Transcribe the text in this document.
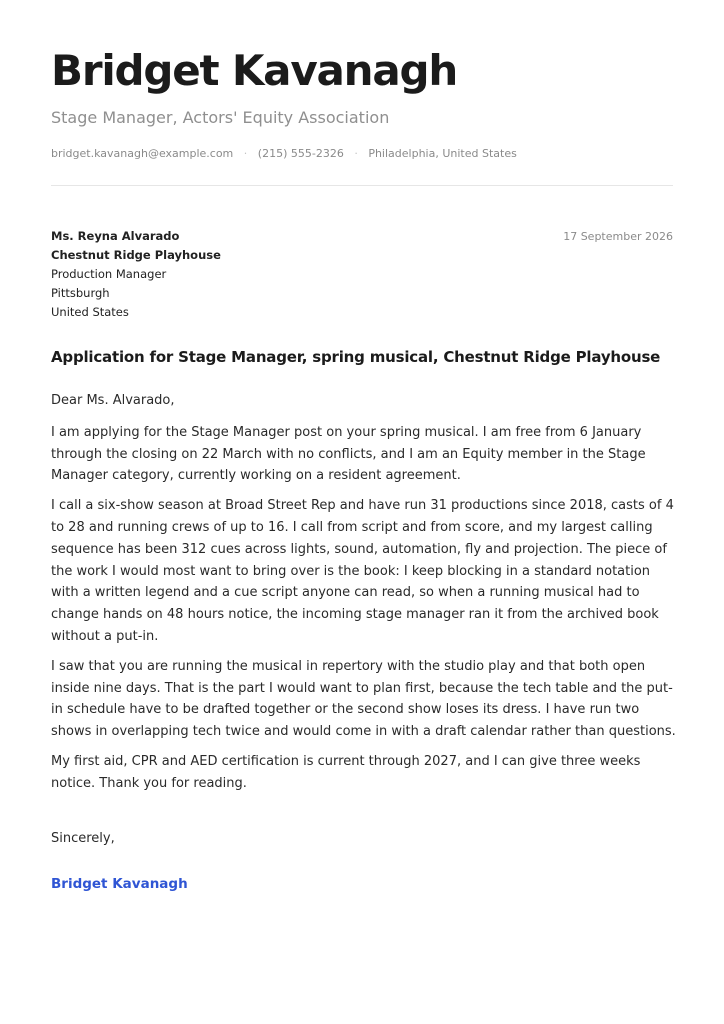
Bridget Kavanagh
Stage Manager, Actors' Equity Association
bridget.kavanagh@example.com · (215) 555-2326 · Philadelphia, United States
Ms. Reyna Alvarado
Chestnut Ridge Playhouse
Production Manager
Pittsburgh
United States
17 September 2026
Application for Stage Manager, spring musical, Chestnut Ridge Playhouse

Dear Ms. Alvarado,

I am applying for the Stage Manager post on your spring musical. I am free from 6 January through the closing on 22 March with no conflicts, and I am an Equity member in the Stage Manager category, currently working on a resident agreement.

I call a six-show season at Broad Street Rep and have run 31 productions since 2018, casts of 4 to 28 and running crews of up to 16. I call from script and from score, and my largest calling sequence has been 312 cues across lights, sound, automation, fly and projection. The piece of the work I would most want to bring over is the book: I keep blocking in a standard notation with a written legend and a cue script anyone can read, so when a running musical had to change hands on 48 hours notice, the incoming stage manager ran it from the archived book without a put-in.

I saw that you are running the musical in repertory with the studio play and that both open inside nine days. That is the part I would want to plan first, because the tech table and the put-in schedule have to be drafted together or the second show loses its dress. I have run two shows in overlapping tech twice and would come in with a draft calendar rather than questions.

My first aid, CPR and AED certification is current through 2027, and I can give three weeks notice. Thank you for reading.

Sincerely,
Bridget Kavanagh
